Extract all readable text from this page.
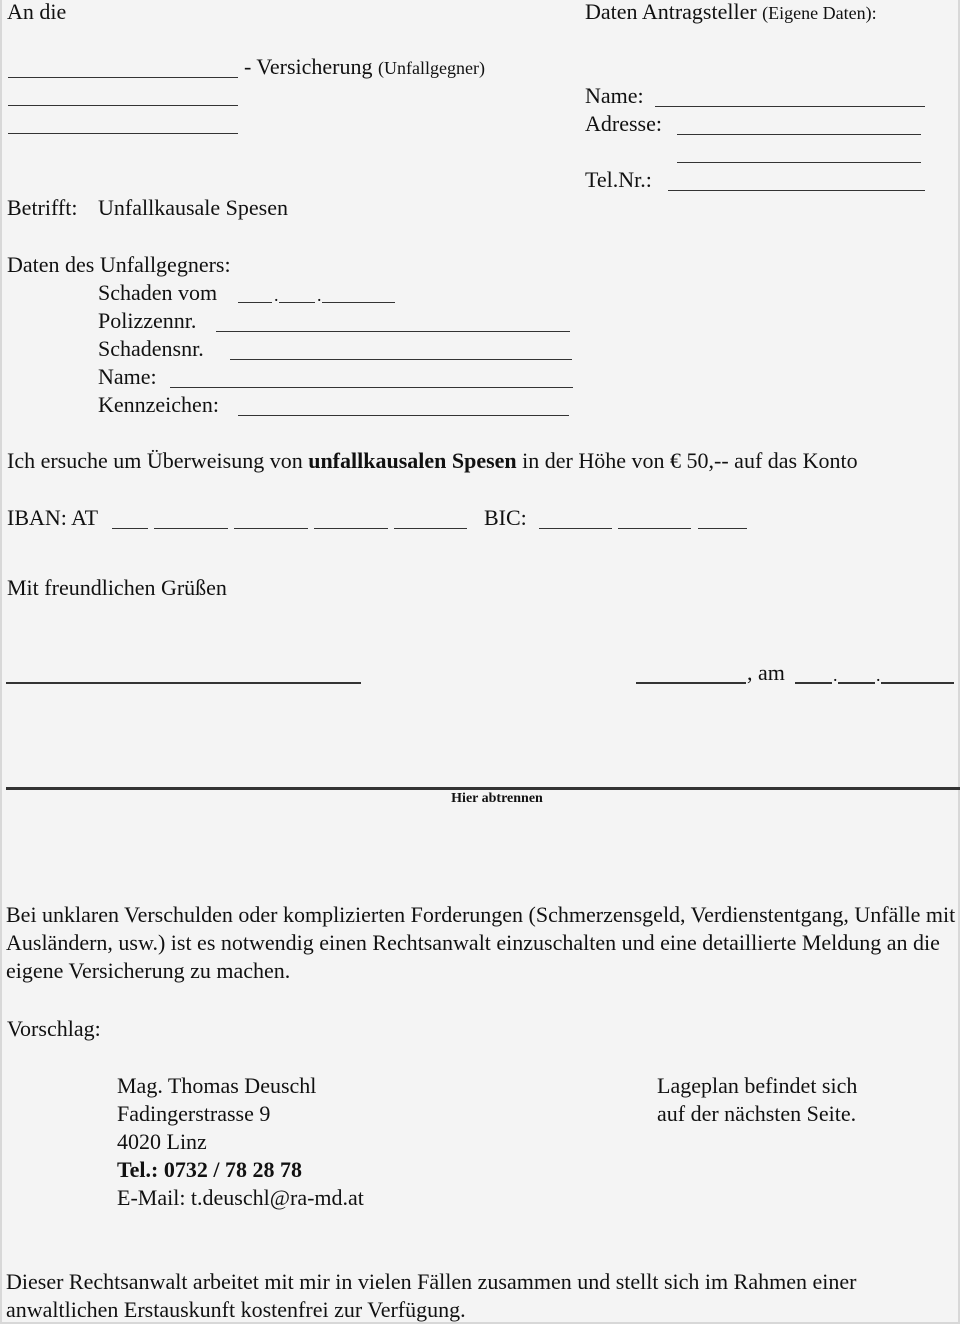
An die
- Versicherung (Unfallgegner)
Daten Antragsteller (Eigene Daten):
Name:
Adresse:
Tel.Nr.:
Betrifft: Unfallkausale Spesen
Daten des Unfallgegners:
Schaden vom	. .
Polizzennr.
Schadensnr.
Name:
Kennzeichen:
Ich ersuche um Überweisung von unfallkausalen Spesen in der Höhe von € 50,-- auf das Konto
IBAN: AT	BIC:
Mit freundlichen Grüßen
, am	. .
Hier abtrennen
Bei unklaren Verschulden oder komplizierten Forderungen (Schmerzensgeld, Verdienstentgang, Unfälle mit Ausländern, usw.) ist es notwendig einen Rechtsanwalt einzuschalten und eine detaillierte Meldung an die eigene Versicherung zu machen.
Vorschlag:
Mag. Thomas Deuschl
Fadingerstrasse 9
4020 Linz
Tel.: 0732 / 78 28 78
E-Mail: t.deuschl@ra-md.at
Lageplan befindet sich
auf der nächsten Seite.
Dieser Rechtsanwalt arbeitet mit mir in vielen Fällen zusammen und stellt sich im Rahmen einer anwaltlichen Erstauskunft kostenfrei zur Verfügung.
